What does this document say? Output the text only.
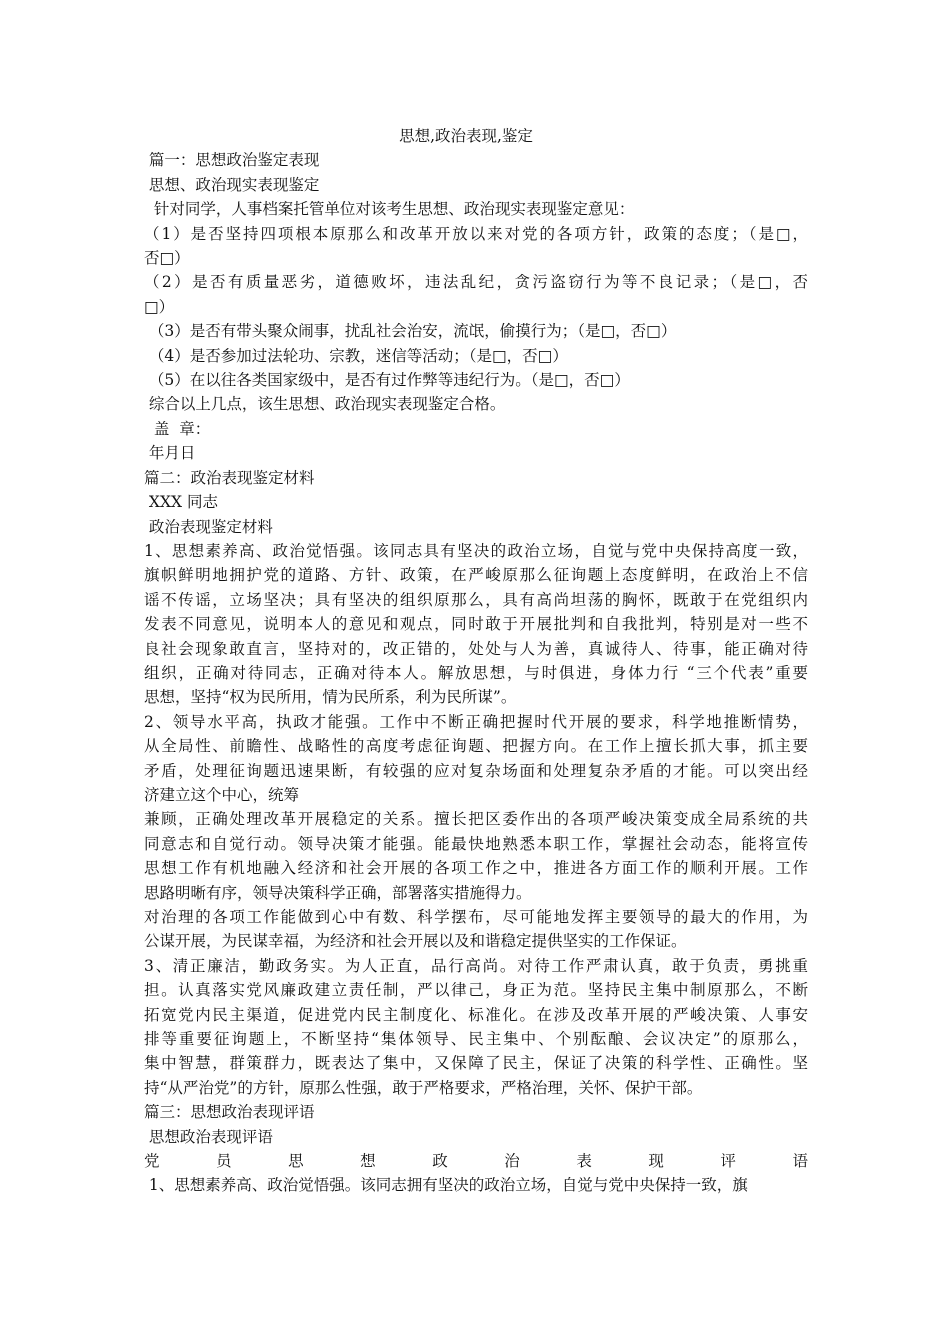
思想,政治表现,鉴定
篇一：思想政治鉴定表现
思想、政治现实表现鉴定
针对同学，人事档案托管单位对该考生思想、政治现实表现鉴定意见：
（1）是否坚持四项根本原那么和改革开放以来对党的各项方针，政策的态度；（是□，
否□）
（2）是否有质量恶劣，道德败坏，违法乱纪，贪污盗窃行为等不良记录；（是□，否
□）
（3）是否有带头聚众闹事，扰乱社会治安，流氓，偷摸行为；（是□，否□）
（4）是否参加过法轮功、宗教，迷信等活动；（是□，否□）
（5）在以往各类国家级中，是否有过作弊等违纪行为。（是□，否□）
综合以上几点，该生思想、政治现实表现鉴定合格。
盖  章：
年月日
篇二：政治表现鉴定材料
XXX 同志
政治表现鉴定材料
1、思想素养高、政治觉悟强。该同志具有坚决的政治立场，自觉与党中央保持高度一致，
旗帜鲜明地拥护党的道路、方针、政策，在严峻原那么征询题上态度鲜明，在政治上不信
谣不传谣，立场坚决；具有坚决的组织原那么，具有高尚坦荡的胸怀，既敢于在党组织内
发表不同意见，说明本人的意见和观点，同时敢于开展批判和自我批判，特别是对一些不
良社会现象敢直言，坚持对的，改正错的，处处与人为善，真诚待人、待事，能正确对待
组织，正确对待同志，正确对待本人。解放思想，与时俱进，身体力行 “三个代表”重要
思想，坚持“权为民所用，情为民所系，利为民所谋”。
2、领导水平高，执政才能强。工作中不断正确把握时代开展的要求，科学地推断情势，
从全局性、前瞻性、战略性的高度考虑征询题、把握方向。在工作上擅长抓大事，抓主要
矛盾，处理征询题迅速果断，有较强的应对复杂场面和处理复杂矛盾的才能。可以突出经
济建立这个中心，统筹
兼顾，正确处理改革开展稳定的关系。擅长把区委作出的各项严峻决策变成全局系统的共
同意志和自觉行动。领导决策才能强。能最快地熟悉本职工作，掌握社会动态，能将宣传
思想工作有机地融入经济和社会开展的各项工作之中，推进各方面工作的顺利开展。工作
思路明晰有序，领导决策科学正确，部署落实措施得力。
对治理的各项工作能做到心中有数、科学摆布，尽可能地发挥主要领导的最大的作用，为
公谋开展，为民谋幸福，为经济和社会开展以及和谐稳定提供坚实的工作保证。
3、清正廉洁，勤政务实。为人正直，品行高尚。对待工作严肃认真，敢于负责，勇挑重
担。认真落实党风廉政建立责任制，严以律己，身正为范。坚持民主集中制原那么，不断
拓宽党内民主渠道，促进党内民主制度化、标准化。在涉及改革开展的严峻决策、人事安
排等重要征询题上，不断坚持“集体领导、民主集中、个别酝酿、会议决定”的原那么，
集中智慧，群策群力，既表达了集中，又保障了民主，保证了决策的科学性、正确性。坚
持“从严治党”的方针，原那么性强，敢于严格要求，严格治理，关怀、保护干部。
篇三：思想政治表现评语
思想政治表现评语
党员思想政治表现评语
1、思想素养高、政治觉悟强。该同志拥有坚决的政治立场，自觉与党中央保持一致，旗
